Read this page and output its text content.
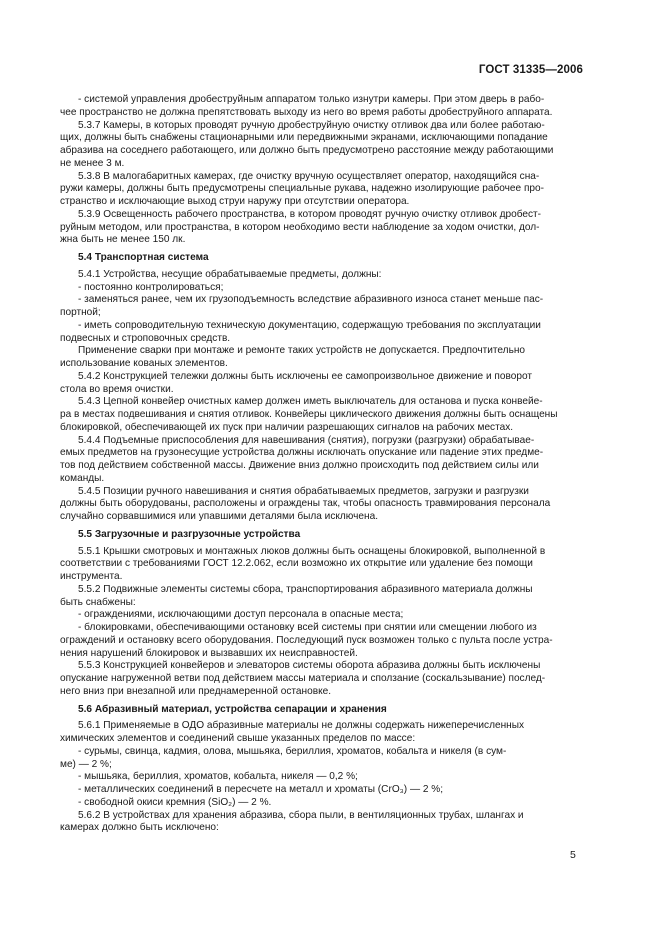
ГОСТ 31335—2006
- системой управления дробеструйным аппаратом только изнутри камеры. При этом дверь в рабо-
чее пространство не должна препятствовать выходу из него во время работы дробеструйного аппарата.
5.3.7 Камеры, в которых проводят ручную дробеструйную очистку отливок два или более работаю-
щих, должны быть снабжены стационарными или передвижными экранами, исключающими попадание
абразива на соседнего работающего, или должно быть предусмотрено расстояние между работающими
не менее 3 м.
5.3.8 В малогабаритных камерах, где очистку вручную осуществляет оператор, находящийся сна-
ружи камеры, должны быть предусмотрены специальные рукава, надежно изолирующие рабочее про-
странство и исключающие выход струи наружу при отсутствии оператора.
5.3.9 Освещенность рабочего пространства, в котором проводят ручную очистку отливок дробест-
руйным методом, или пространства, в котором необходимо вести наблюдение за ходом очистки, дол-
жна быть не менее 150 лк.
5.4 Транспортная система
5.4.1 Устройства, несущие обрабатываемые предметы, должны:
- постоянно контролироваться;
- заменяться ранее, чем их грузоподъемность вследствие абразивного износа станет меньше пас-
портной;
- иметь сопроводительную техническую документацию, содержащую требования по эксплуатации
подвесных и строповочных средств.
Применение сварки при монтаже и ремонте таких устройств не допускается. Предпочтительно
использование кованых элементов.
5.4.2 Конструкцией тележки должны быть исключены ее самопроизвольное движение и поворот
стола во время очистки.
5.4.3 Цепной конвейер очистных камер должен иметь выключатель для останова и пуска конвейе-
ра в местах подвешивания и снятия отливок. Конвейеры циклического движения должны быть оснащены
блокировкой, обеспечивающей их пуск при наличии разрешающих сигналов на рабочих местах.
5.4.4 Подъемные приспособления для навешивания (снятия), погрузки (разгрузки) обрабатывае-
емых предметов на грузонесущие устройства должны исключать опускание или падение этих предме-
тов под действием собственной массы. Движение вниз должно происходить под действием силы или
команды.
5.4.5 Позиции ручного навешивания и снятия обрабатываемых предметов, загрузки и разгрузки
должны быть оборудованы, расположены и ограждены так, чтобы опасность травмирования персонала
случайно сорвавшимися или упавшими деталями была исключена.
5.5 Загрузочные и разгрузочные устройства
5.5.1 Крышки смотровых и монтажных люков должны быть оснащены блокировкой, выполненной в
соответствии с требованиями ГОСТ 12.2.062, если возможно их открытие или удаление без помощи
инструмента.
5.5.2 Подвижные элементы системы сбора, транспортирования абразивного материала должны
быть снабжены:
- ограждениями, исключающими доступ персонала в опасные места;
- блокировками, обеспечивающими остановку всей системы при снятии или смещении любого из
ограждений и остановку всего оборудования. Последующий пуск возможен только с пульта после устра-
нения нарушений блокировок и вызвавших их неисправностей.
5.5.3 Конструкцией конвейеров и элеваторов системы оборота абразива должны быть исключены
опускание нагруженной ветви под действием массы материала и сползание (соскальзывание) послед-
него вниз при внезапной или преднамеренной остановке.
5.6 Абразивный материал, устройства сепарации и хранения
5.6.1 Применяемые в ОДО абразивные материалы не должны содержать нижеперечисленных
химических элементов и соединений свыше указанных пределов по массе:
- сурьмы, свинца, кадмия, олова, мышьяка, бериллия, хроматов, кобальта и никеля (в сум-
ме) — 2 %;
- мышьяка, бериллия, хроматов, кобальта, никеля — 0,2 %;
- металлических соединений в пересчете на металл и хроматы (CrO₃) — 2 %;
- свободной окиси кремния (SiO₂) — 2 %.
5.6.2 В устройствах для хранения абразива, сбора пыли, в вентиляционных трубах, шлангах и
камерах должно быть исключено:
5
